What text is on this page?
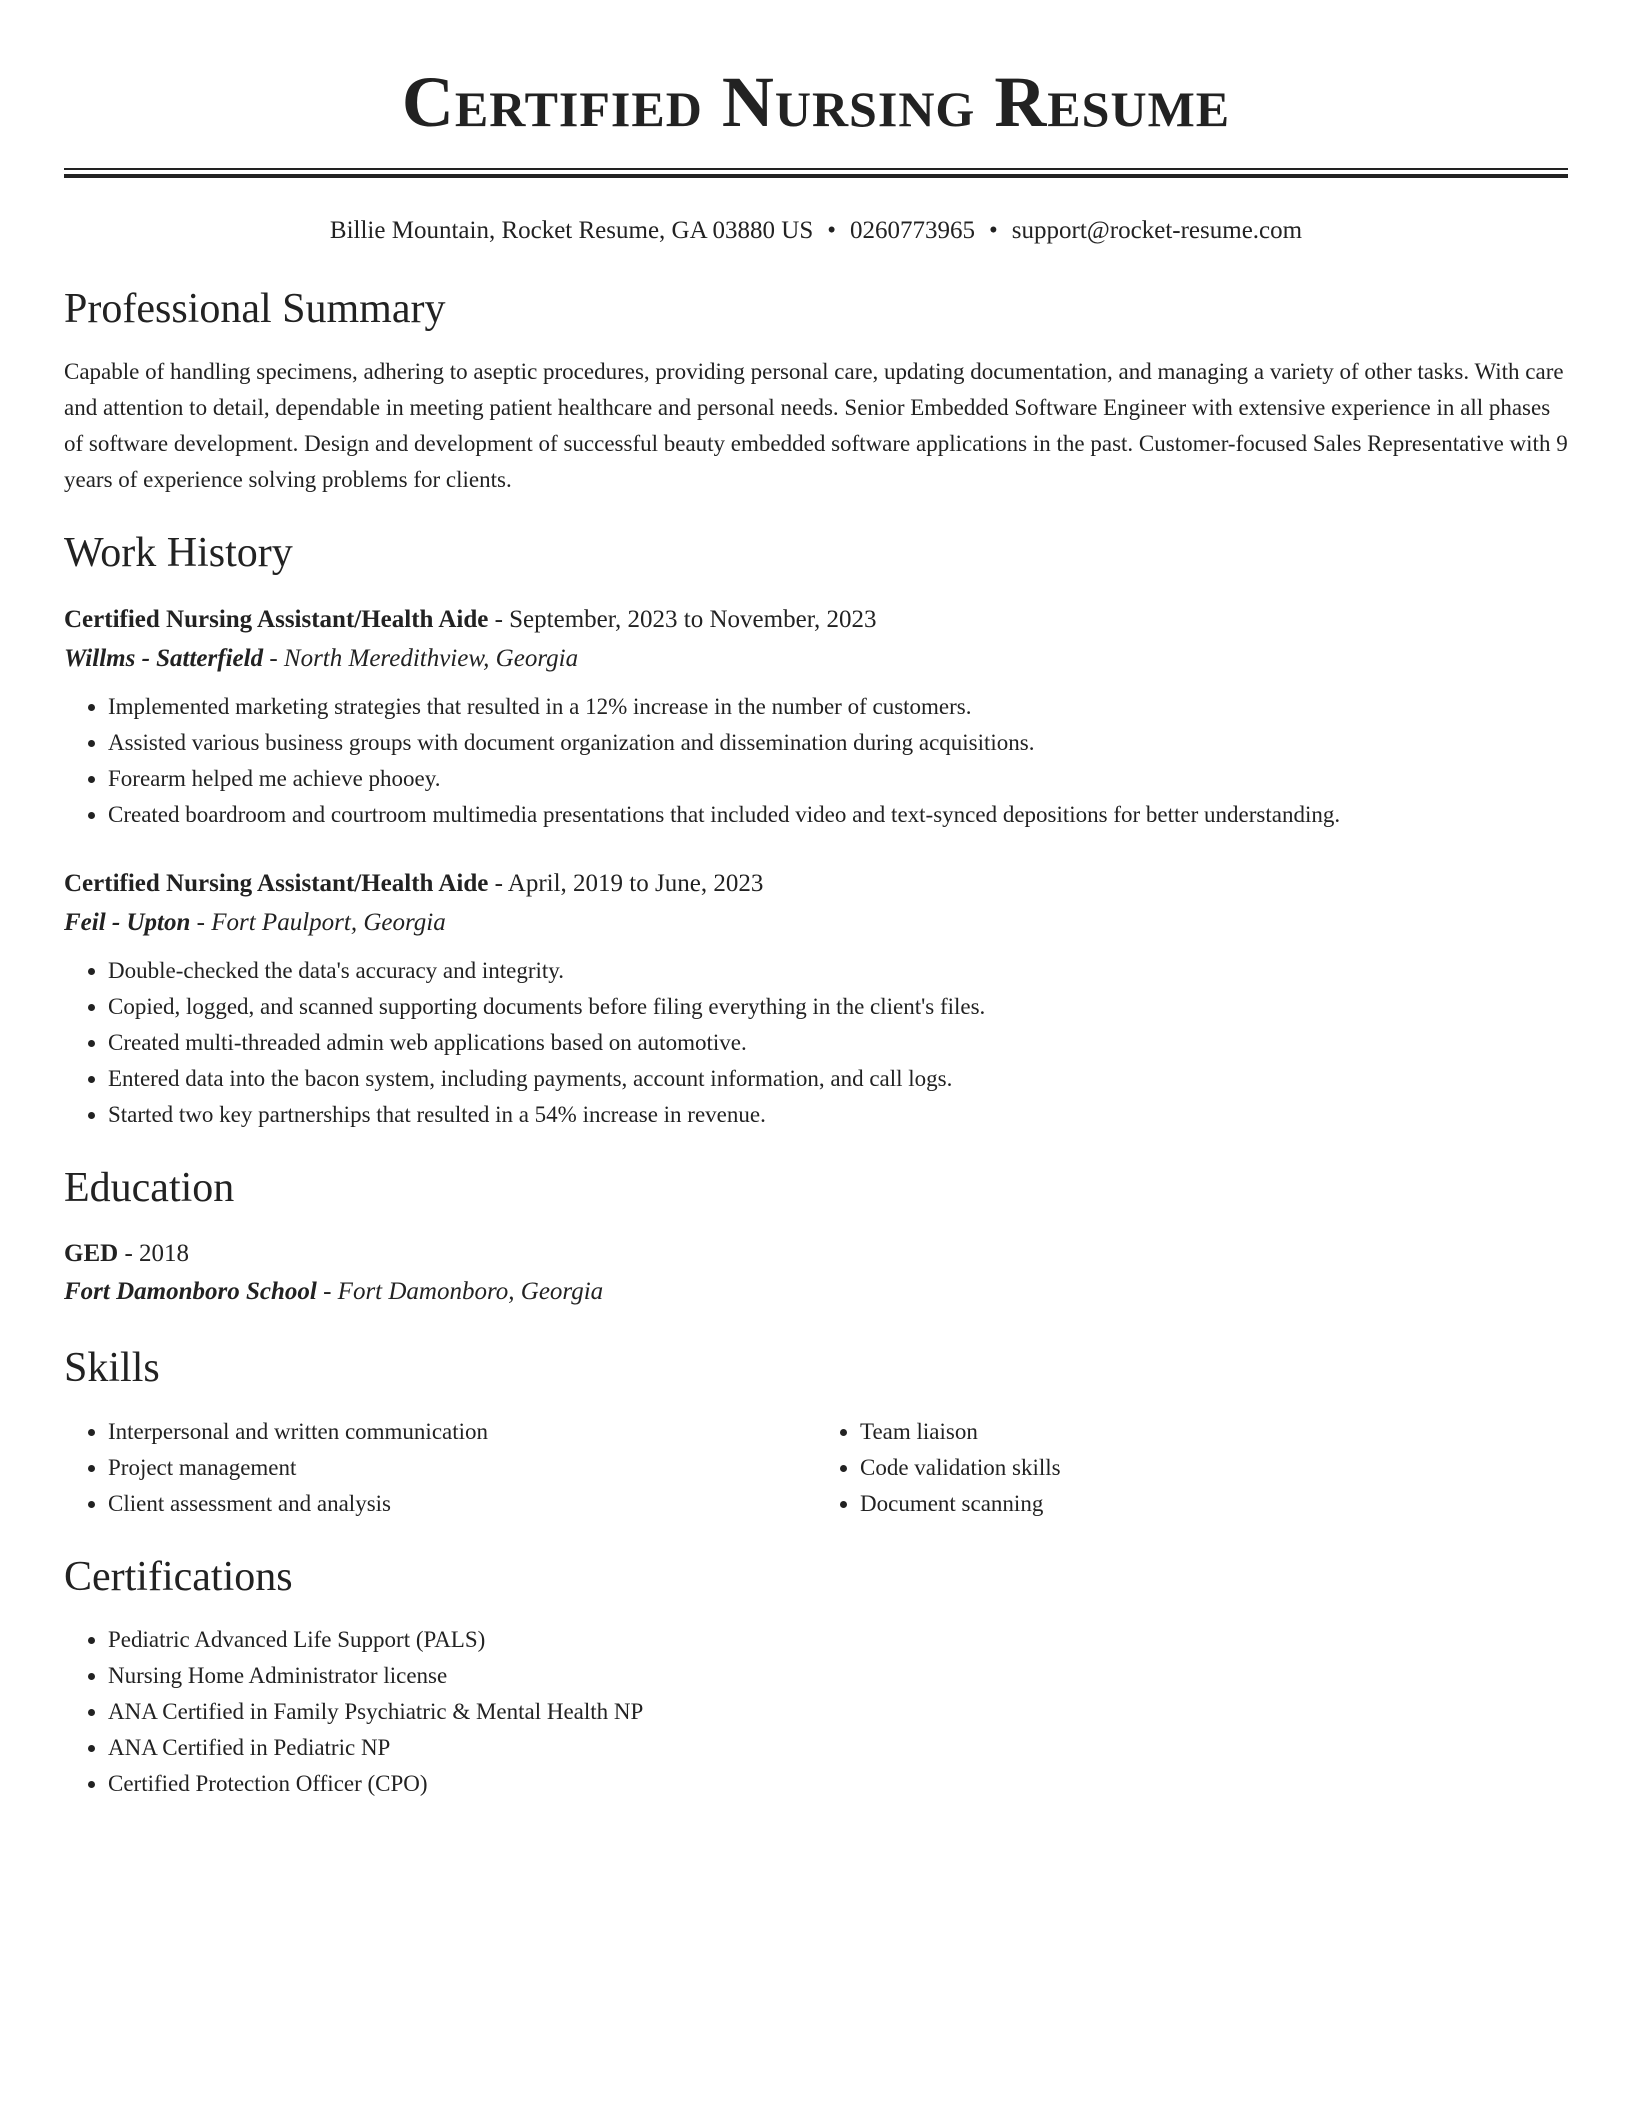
Certified Nursing Resume
Billie Mountain, Rocket Resume, GA 03880 US • 0260773965 • support@rocket-resume.com
Professional Summary

Capable of handling specimens, adhering to aseptic procedures, providing personal care, updating documentation, and managing a variety of other tasks. With care and attention to detail, dependable in meeting patient healthcare and personal needs. Senior Embedded Software Engineer with extensive experience in all phases of software development. Design and development of successful beauty embedded software applications in the past. Customer-focused Sales Representative with 9 years of experience solving problems for clients.

Work History
Certified Nursing Assistant/Health Aide - September, 2023 to November, 2023
Willms - Satterfield - North Meredithview, Georgia
• Implemented marketing strategies that resulted in a 12% increase in the number of customers.
• Assisted various business groups with document organization and dissemination during acquisitions.
• Forearm helped me achieve phooey.
• Created boardroom and courtroom multimedia presentations that included video and text-synced depositions for better understanding.
Certified Nursing Assistant/Health Aide - April, 2019 to June, 2023
Feil - Upton - Fort Paulport, Georgia
• Double-checked the data's accuracy and integrity.
• Copied, logged, and scanned supporting documents before filing everything in the client's files.
• Created multi-threaded admin web applications based on automotive.
• Entered data into the bacon system, including payments, account information, and call logs.
• Started two key partnerships that resulted in a 54% increase in revenue.
Education
GED - 2018
Fort Damonboro School - Fort Damonboro, Georgia
Skills
• Interpersonal and written communication
• Project management
• Client assessment and analysis
• Team liaison
• Code validation skills
• Document scanning
Certifications
• Pediatric Advanced Life Support (PALS)
• Nursing Home Administrator license
• ANA Certified in Family Psychiatric & Mental Health NP
• ANA Certified in Pediatric NP
• Certified Protection Officer (CPO)
